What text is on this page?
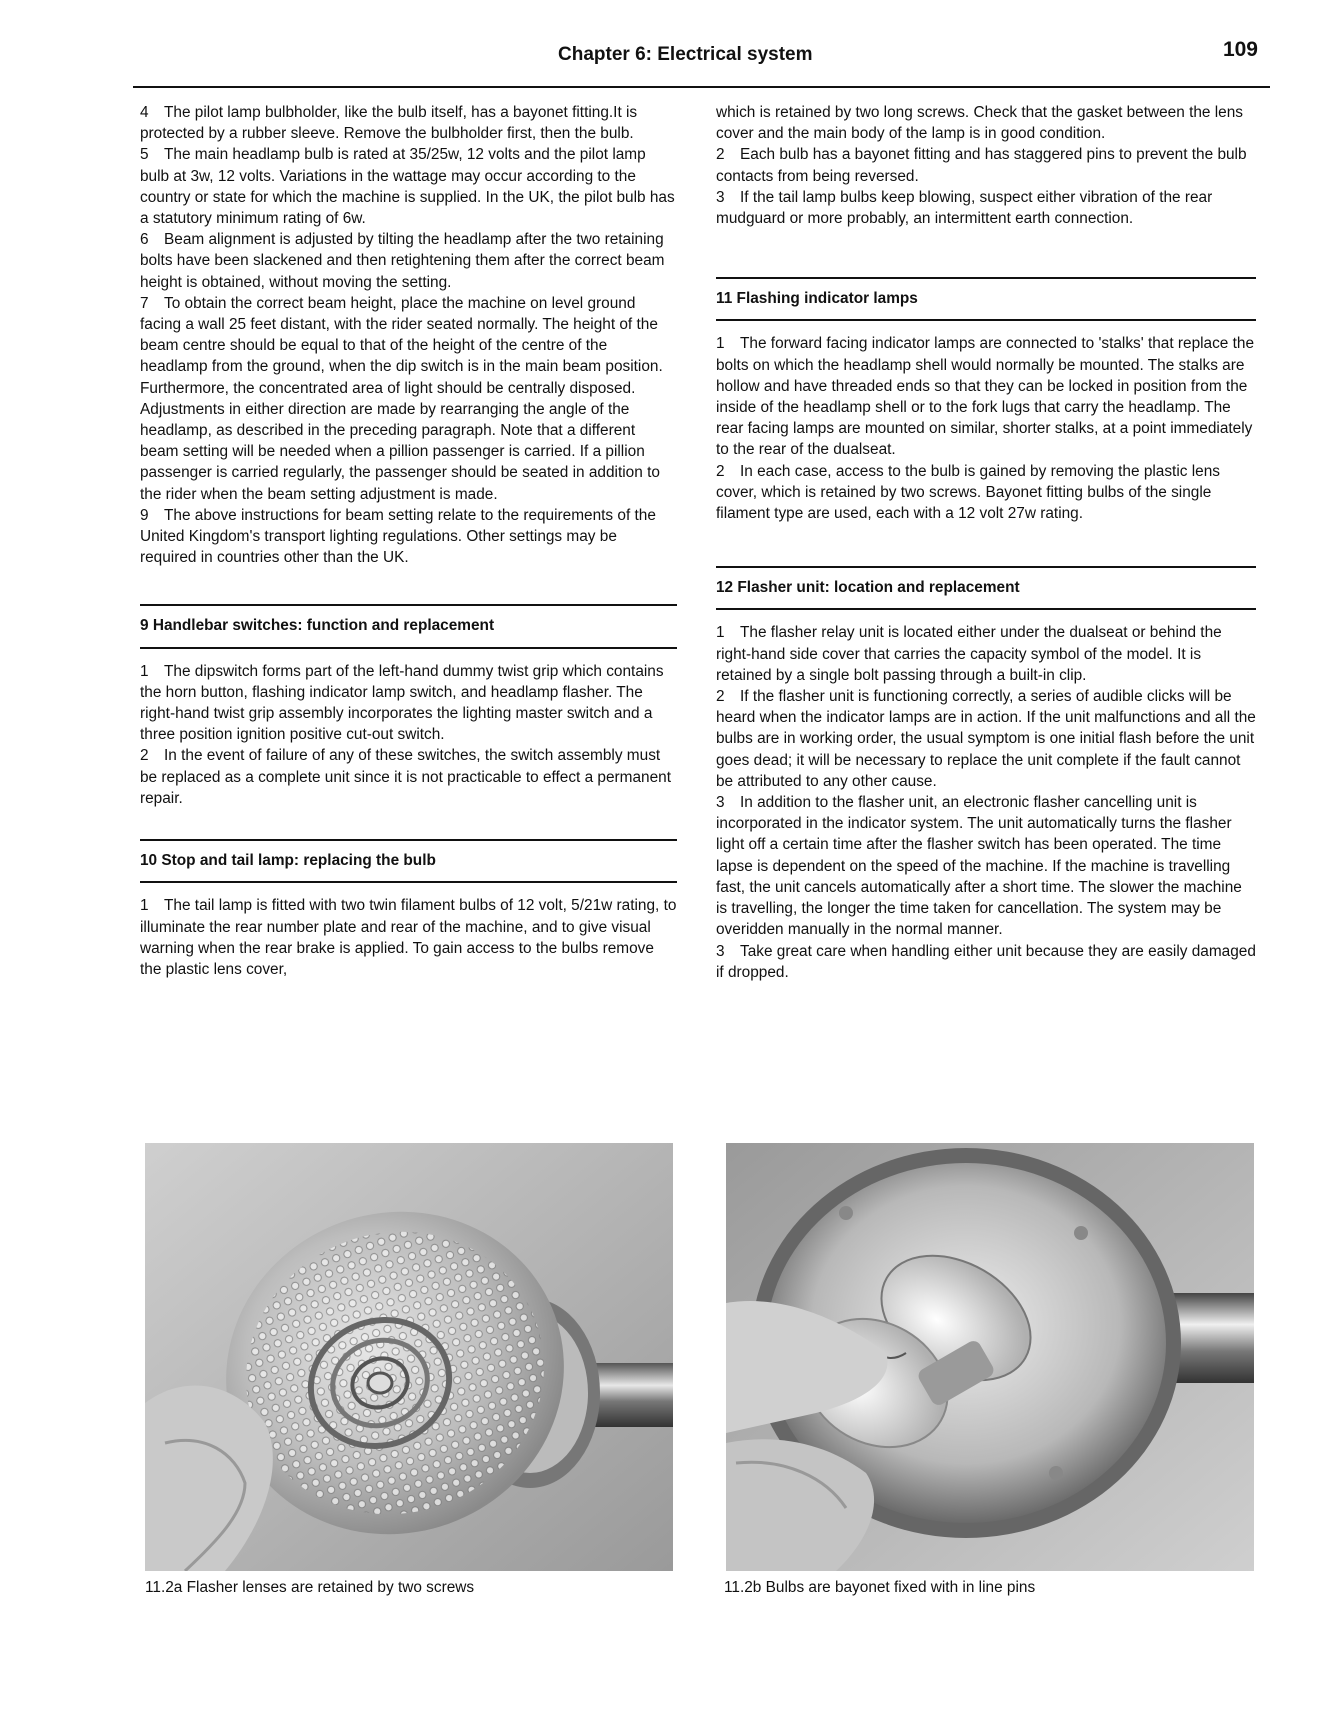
Chapter 6: Electrical system	109

4 The pilot lamp bulbholder, like the bulb itself, has a bayonet fitting.It is protected by a rubber sleeve. Remove the bulbholder first, then the bulb.

5 The main headlamp bulb is rated at 35/25w, 12 volts and the pilot lamp bulb at 3w, 12 volts. Variations in the wattage may occur according to the country or state for which the machine is supplied. In the UK, the pilot bulb has a statutory minimum rating of 6w.

6 Beam alignment is adjusted by tilting the headlamp after the two retaining bolts have been slackened and then retightening them after the correct beam height is obtained, without moving the setting.

7 To obtain the correct beam height, place the machine on level ground facing a wall 25 feet distant, with the rider seated normally. The height of the beam centre should be equal to that of the height of the centre of the headlamp from the ground, when the dip switch is in the main beam position. Furthermore, the concentrated area of light should be centrally disposed. Adjustments in either direction are made by rearranging the angle of the headlamp, as described in the preceding paragraph. Note that a different beam setting will be needed when a pillion passenger is carried. If a pillion passenger is carried regularly, the passenger should be seated in addition to the rider when the beam setting adjustment is made.

9 The above instructions for beam setting relate to the requirements of the United Kingdom's transport lighting regulations. Other settings may be required in countries other than the UK.

9 Handlebar switches: function and replacement

1 The dipswitch forms part of the left-hand dummy twist grip which contains the horn button, flashing indicator lamp switch, and headlamp flasher. The right-hand twist grip assembly incorporates the lighting master switch and a three position ignition positive cut-out switch.

2 In the event of failure of any of these switches, the switch assembly must be replaced as a complete unit since it is not practicable to effect a permanent repair.

10 Stop and tail lamp: replacing the bulb

1 The tail lamp is fitted with two twin filament bulbs of 12 volt, 5/21w rating, to illuminate the rear number plate and rear of the machine, and to give visual warning when the rear brake is applied. To gain access to the bulbs remove the plastic lens cover,

which is retained by two long screws. Check that the gasket between the lens cover and the main body of the lamp is in good condition.

2 Each bulb has a bayonet fitting and has staggered pins to prevent the bulb contacts from being reversed.

3 If the tail lamp bulbs keep blowing, suspect either vibration of the rear mudguard or more probably, an intermittent earth connection.

11 Flashing indicator lamps

1 The forward facing indicator lamps are connected to 'stalks' that replace the bolts on which the headlamp shell would normally be mounted. The stalks are hollow and have threaded ends so that they can be locked in position from the inside of the headlamp shell or to the fork lugs that carry the headlamp. The rear facing lamps are mounted on similar, shorter stalks, at a point immediately to the rear of the dualseat.

2 In each case, access to the bulb is gained by removing the plastic lens cover, which is retained by two screws. Bayonet fitting bulbs of the single filament type are used, each with a 12 volt 27w rating.

12 Flasher unit: location and replacement

1 The flasher relay unit is located either under the dualseat or behind the right-hand side cover that carries the capacity symbol of the model. It is retained by a single bolt passing through a built-in clip.

2 If the flasher unit is functioning correctly, a series of audible clicks will be heard when the indicator lamps are in action. If the unit malfunctions and all the bulbs are in working order, the usual symptom is one initial flash before the unit goes dead; it will be necessary to replace the unit complete if the fault cannot be attributed to any other cause.

3 In addition to the flasher unit, an electronic flasher cancelling unit is incorporated in the indicator system. The unit automatically turns the flasher light off a certain time after the flasher switch has been operated. The time lapse is dependent on the speed of the machine. If the machine is travelling fast, the unit cancels automatically after a short time. The slower the machine is travelling, the longer the time taken for cancellation. The system may be overidden manually in the normal manner.

3 Take great care when handling either unit because they are easily damaged if dropped.

11.2a Flasher lenses are retained by two screws	11.2b Bulbs are bayonet fixed with in line pins
